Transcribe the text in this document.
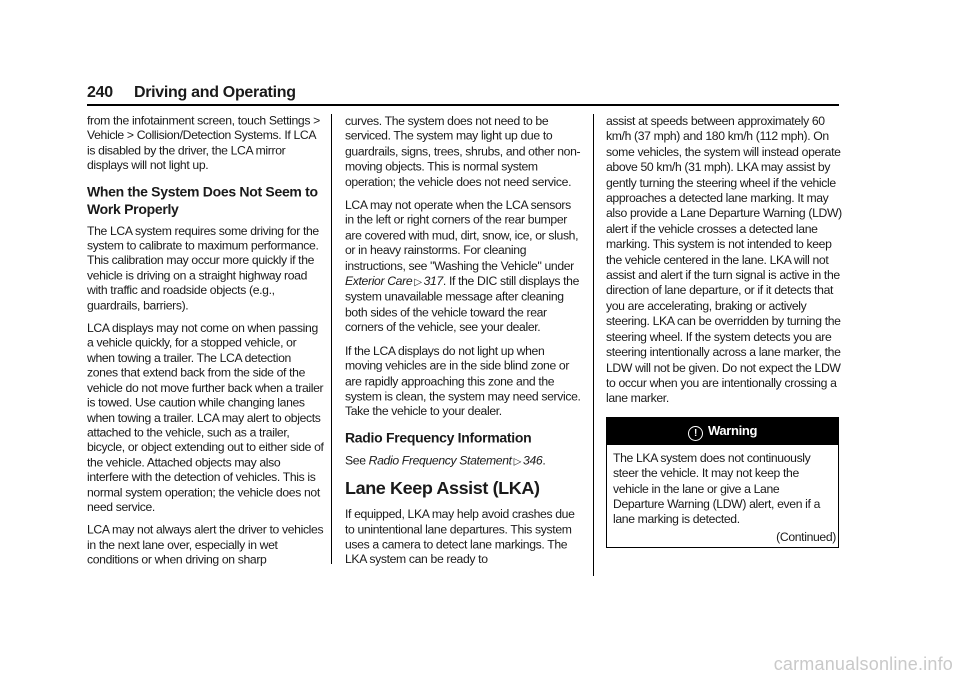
240 Driving and Operating

from the infotainment screen, touch Settings > Vehicle > Collision/Detection Systems. If LCA is disabled by the driver, the LCA mirror displays will not light up.

When the System Does Not Seem to Work Properly

The LCA system requires some driving for the system to calibrate to maximum performance. This calibration may occur more quickly if the vehicle is driving on a straight highway road with traffic and roadside objects (e.g., guardrails, barriers).

LCA displays may not come on when passing a vehicle quickly, for a stopped vehicle, or when towing a trailer. The LCA detection zones that extend back from the side of the vehicle do not move further back when a trailer is towed. Use caution while changing lanes when towing a trailer. LCA may alert to objects attached to the vehicle, such as a trailer, bicycle, or object extending out to either side of the vehicle. Attached objects may also interfere with the detection of vehicles. This is normal system operation; the vehicle does not need service.

LCA may not always alert the driver to vehicles in the next lane over, especially in wet conditions or when driving on sharp

curves. The system does not need to be serviced. The system may light up due to guardrails, signs, trees, shrubs, and other non-moving objects. This is normal system operation; the vehicle does not need service.

LCA may not operate when the LCA sensors in the left or right corners of the rear bumper are covered with mud, dirt, snow, ice, or slush, or in heavy rainstorms. For cleaning instructions, see "Washing the Vehicle" under Exterior Care ▷ 317. If the DIC still displays the system unavailable message after cleaning both sides of the vehicle toward the rear corners of the vehicle, see your dealer.

If the LCA displays do not light up when moving vehicles are in the side blind zone or are rapidly approaching this zone and the system is clean, the system may need service. Take the vehicle to your dealer.

Radio Frequency Information

See Radio Frequency Statement ▷ 346.

Lane Keep Assist (LKA)

If equipped, LKA may help avoid crashes due to unintentional lane departures. This system uses a camera to detect lane markings. The LKA system can be ready to

assist at speeds between approximately 60 km/h (37 mph) and 180 km/h (112 mph). On some vehicles, the system will instead operate above 50 km/h (31 mph). LKA may assist by gently turning the steering wheel if the vehicle approaches a detected lane marking. It may also provide a Lane Departure Warning (LDW) alert if the vehicle crosses a detected lane marking. This system is not intended to keep the vehicle centered in the lane. LKA will not assist and alert if the turn signal is active in the direction of lane departure, or if it detects that you are accelerating, braking or actively steering. LKA can be overridden by turning the steering wheel. If the system detects you are steering intentionally across a lane marker, the LDW will not be given. Do not expect the LDW to occur when you are intentionally crossing a lane marker.

! Warning
The LKA system does not continuously steer the vehicle. It may not keep the vehicle in the lane or give a Lane Departure Warning (LDW) alert, even if a lane marking is detected.
(Continued)
carmanualsonline.info
